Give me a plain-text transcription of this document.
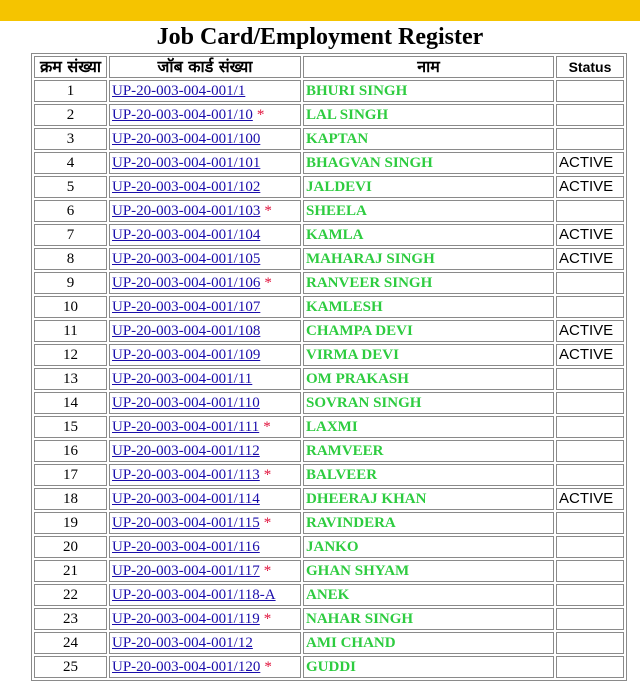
Job Card/Employment Register
क्रम संख्या	जॉब कार्ड संख्या	नाम	Status
1	UP-20-003-004-001/1	BHURI SINGH	
2	UP-20-003-004-001/10 *	LAL SINGH	
3	UP-20-003-004-001/100	KAPTAN	
4	UP-20-003-004-001/101	BHAGVAN SINGH	ACTIVE
5	UP-20-003-004-001/102	JALDEVI	ACTIVE
6	UP-20-003-004-001/103 *	SHEELA	
7	UP-20-003-004-001/104	KAMLA	ACTIVE
8	UP-20-003-004-001/105	MAHARAJ SINGH	ACTIVE
9	UP-20-003-004-001/106 *	RANVEER SINGH	
10	UP-20-003-004-001/107	KAMLESH	
11	UP-20-003-004-001/108	CHAMPA DEVI	ACTIVE
12	UP-20-003-004-001/109	VIRMA DEVI	ACTIVE
13	UP-20-003-004-001/11	OM PRAKASH	
14	UP-20-003-004-001/110	SOVRAN SINGH	
15	UP-20-003-004-001/111 *	LAXMI	
16	UP-20-003-004-001/112	RAMVEER	
17	UP-20-003-004-001/113 *	BALVEER	
18	UP-20-003-004-001/114	DHEERAJ KHAN	ACTIVE
19	UP-20-003-004-001/115 *	RAVINDERA	
20	UP-20-003-004-001/116	JANKO	
21	UP-20-003-004-001/117 *	GHAN SHYAM	
22	UP-20-003-004-001/118-A	ANEK	
23	UP-20-003-004-001/119 *	NAHAR SINGH	
24	UP-20-003-004-001/12	AMI CHAND	
25	UP-20-003-004-001/120 *	GUDDI	
